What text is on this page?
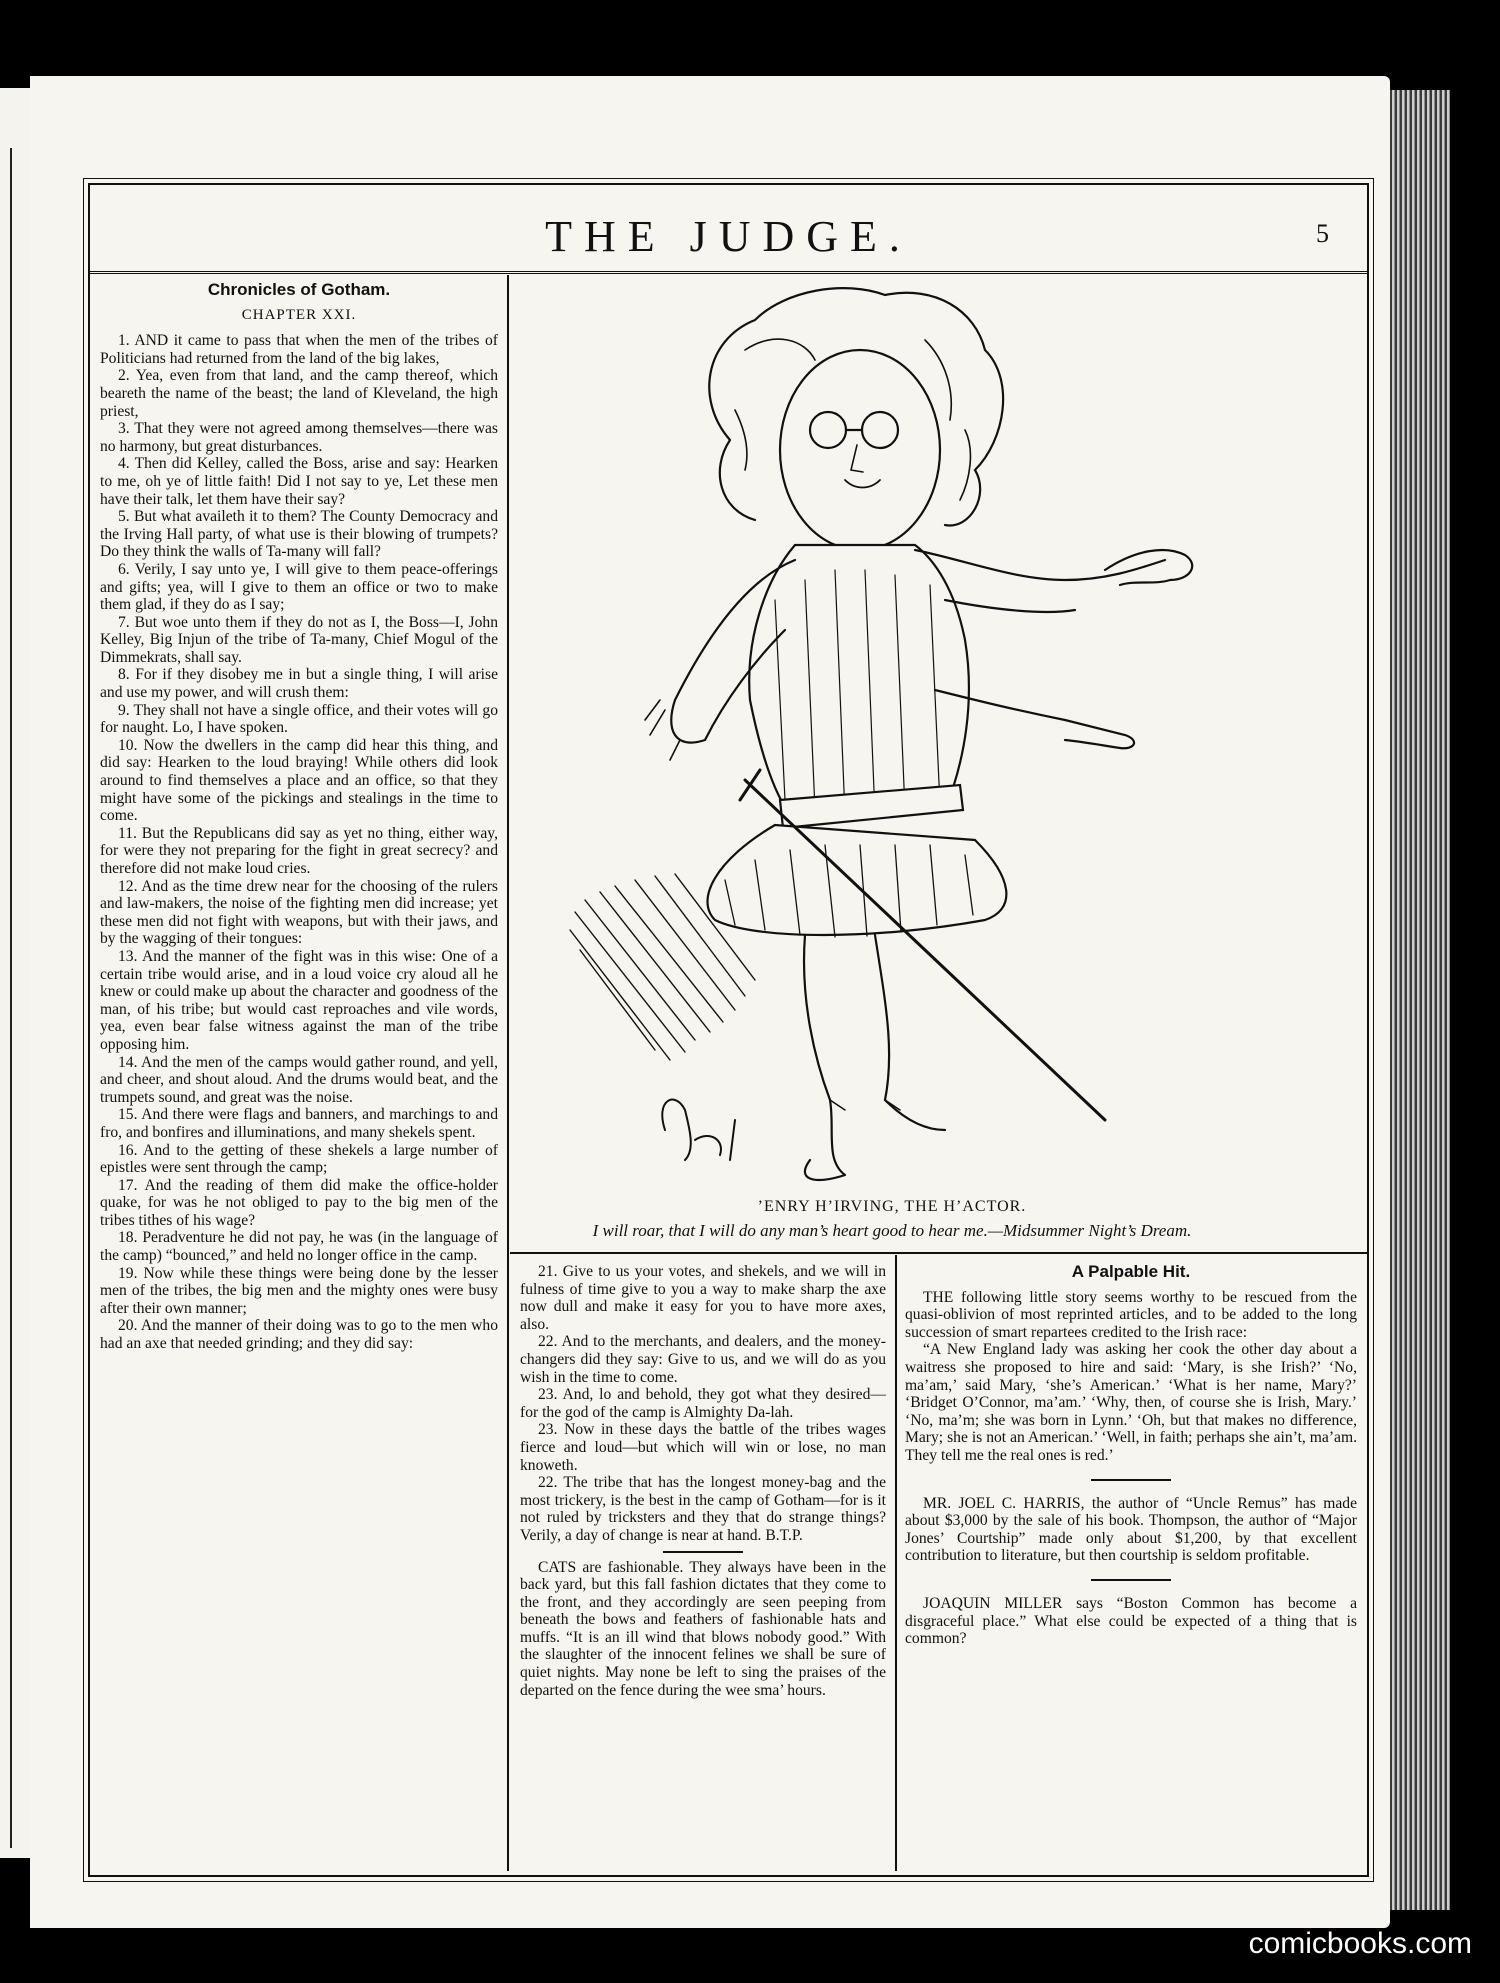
THE JUDGE.	5
Chronicles of Gotham.

CHAPTER XXI.

1. AND it came to pass that when the men of the tribes of Politicians had returned from the land of the big lakes,

2. Yea, even from that land, and the camp thereof, which beareth the name of the beast; the land of Kleveland, the high priest,

3. That they were not agreed among themselves—there was no harmony, but great disturbances.

4. Then did Kelley, called the Boss, arise and say: Hearken to me, oh ye of little faith! Did I not say to ye, Let these men have their talk, let them have their say?

5. But what availeth it to them? The County Democracy and the Irving Hall party, of what use is their blowing of trumpets? Do they think the walls of Ta-many will fall?

6. Verily, I say unto ye, I will give to them peace-offerings and gifts; yea, will I give to them an office or two to make them glad, if they do as I say;

7. But woe unto them if they do not as I, the Boss—I, John Kelley, Big Injun of the tribe of Ta-many, Chief Mogul of the Dimmekrats, shall say.

8. For if they disobey me in but a single thing, I will arise and use my power, and will crush them:

9. They shall not have a single office, and their votes will go for naught. Lo, I have spoken.

10. Now the dwellers in the camp did hear this thing, and did say: Hearken to the loud braying! While others did look around to find themselves a place and an office, so that they might have some of the pickings and stealings in the time to come.

11. But the Republicans did say as yet no thing, either way, for were they not preparing for the fight in great secrecy? and therefore did not make loud cries.

12. And as the time drew near for the choosing of the rulers and law-makers, the noise of the fighting men did increase; yet these men did not fight with weapons, but with their jaws, and by the wagging of their tongues:

13. And the manner of the fight was in this wise: One of a certain tribe would arise, and in a loud voice cry aloud all he knew or could make up about the character and goodness of the man, of his tribe; but would cast reproaches and vile words, yea, even bear false witness against the man of the tribe opposing him.

14. And the men of the camps would gather round, and yell, and cheer, and shout aloud. And the drums would beat, and the trumpets sound, and great was the noise.

15. And there were flags and banners, and marchings to and fro, and bonfires and illuminations, and many shekels spent.

16. And to the getting of these shekels a large number of epistles were sent through the camp;

17. And the reading of them did make the office-holder quake, for was he not obliged to pay to the big men of the tribes tithes of his wage?

18. Peradventure he did not pay, he was (in the language of the camp) “bounced,” and held no longer office in the camp.

19. Now while these things were being done by the lesser men of the tribes, the big men and the mighty ones were busy after their own manner;

20. And the manner of their doing was to go to the men who had an axe that needed grinding; and they did say:

’ENRY H’IRVING, THE H’ACTOR.
I will roar, that I will do any man’s heart good to hear me.—Midsummer Night’s Dream.

21. Give to us your votes, and shekels, and we will in fulness of time give to you a way to make sharp the axe now dull and make it easy for you to have more axes, also.

22. And to the merchants, and dealers, and the money-changers did they say: Give to us, and we will do as you wish in the time to come.

23. And, lo and behold, they got what they desired—for the god of the camp is Almighty Da-lah.

23. Now in these days the battle of the tribes wages fierce and loud—but which will win or lose, no man knoweth.

22. The tribe that has the longest money-bag and the most trickery, is the best in the camp of Gotham—for is it not ruled by tricksters and they that do strange things? Verily, a day of change is near at hand. B.T.P.

CATS are fashionable. They always have been in the back yard, but this fall fashion dictates that they come to the front, and they accordingly are seen peeping from beneath the bows and feathers of fashionable hats and muffs. “It is an ill wind that blows nobody good.” With the slaughter of the innocent felines we shall be sure of quiet nights. May none be left to sing the praises of the departed on the fence during the wee sma’ hours.

A Palpable Hit.

THE following little story seems worthy to be rescued from the quasi-oblivion of most reprinted articles, and to be added to the long succession of smart repartees credited to the Irish race:

“A New England lady was asking her cook the other day about a waitress she proposed to hire and said: ‘Mary, is she Irish?’ ‘No, ma’am,’ said Mary, ‘she’s American.’ ‘What is her name, Mary?’ ‘Bridget O’Connor, ma’am.’ ‘Why, then, of course she is Irish, Mary.’ ‘No, ma’m; she was born in Lynn.’ ‘Oh, but that makes no difference, Mary; she is not an American.’ ‘Well, in faith; perhaps she ain’t, ma’am. They tell me the real ones is red.’

MR. JOEL C. HARRIS, the author of “Uncle Remus” has made about $3,000 by the sale of his book. Thompson, the author of “Major Jones’ Courtship” made only about $1,200, by that excellent contribution to literature, but then courtship is seldom profitable.

JOAQUIN MILLER says “Boston Common has become a disgraceful place.” What else could be expected of a thing that is common?

comicbooks.com
